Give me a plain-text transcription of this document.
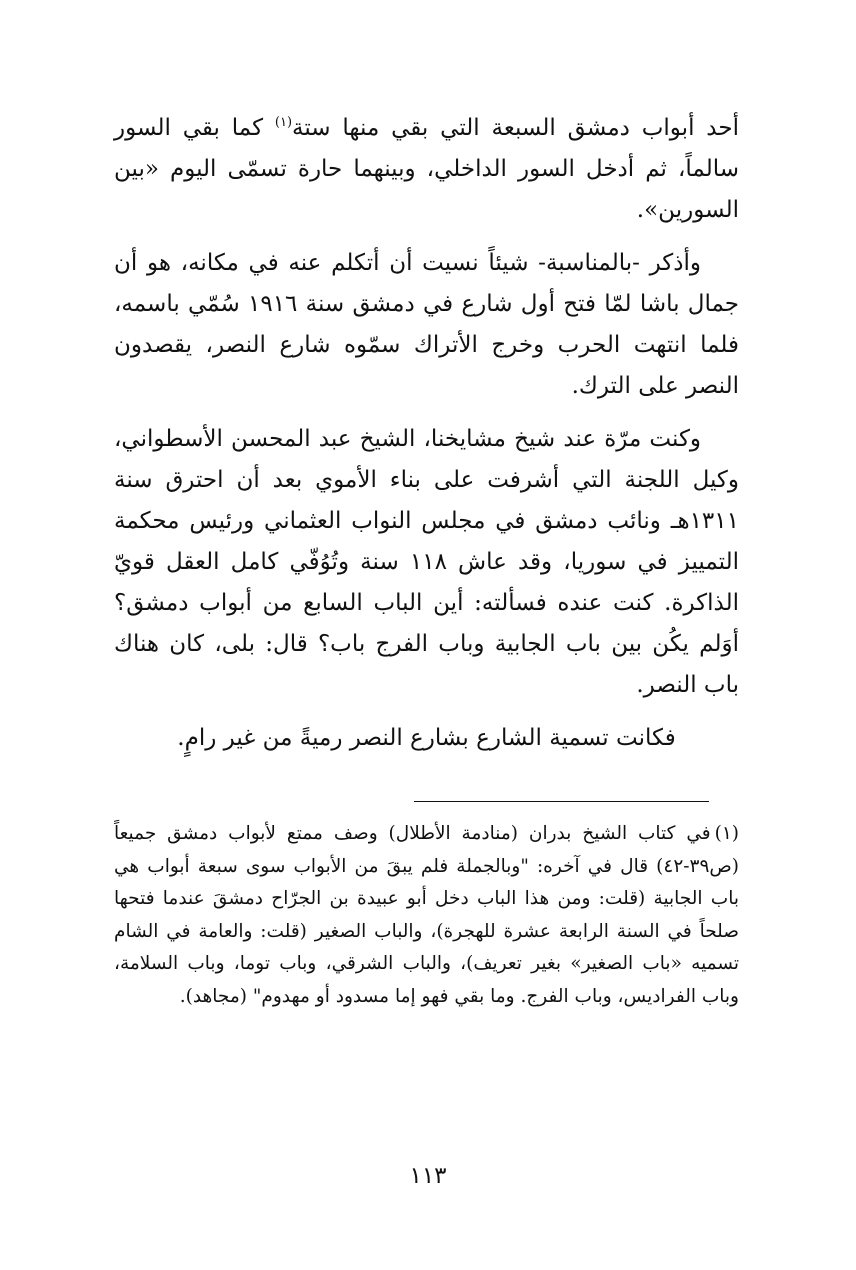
أحد أبواب دمشق السبعة التي بقي منها ستة$^{(١)}$ كما بقي السور سالماً، ثم أدخل السور الداخلي، وبينهما حارة تسمّى اليوم «بين السورين».

وأذكر -بالمناسبة- شيئاً نسيت أن أتكلم عنه في مكانه، هو أن جمال باشا لمّا فتح أول شارع في دمشق سنة ١٩١٦ سُمّي باسمه، فلما انتهت الحرب وخرج الأتراك سمّوه شارع النصر، يقصدون النصر على الترك.

وكنت مرّة عند شيخ مشايخنا، الشيخ عبد المحسن الأسطواني، وكيل اللجنة التي أشرفت على بناء الأموي بعد أن احترق سنة ١٣١١هـ ونائب دمشق في مجلس النواب العثماني ورئيس محكمة التمييز في سوريا، وقد عاش ١١٨ سنة وتُوُفّي كامل العقل قويّ الذاكرة. كنت عنده فسألته: أين الباب السابع من أبواب دمشق؟ أوَلم يكُن بين باب الجابية وباب الفرج باب؟ قال: بلى، كان هناك باب النصر.

فكانت تسمية الشارع بشارع النصر رميةً من غير رامٍ.

(١)في كتاب الشيخ بدران (منادمة الأطلال) وصف ممتع لأبواب دمشق جميعاً (ص٣٩-٤٢) قال في آخره: "وبالجملة فلم يبقَ من الأبواب سوى سبعة أبواب هي باب الجابية (قلت: ومن هذا الباب دخل أبو عبيدة بن الجرّاح دمشقَ عندما فتحها صلحاً في السنة الرابعة عشرة للهجرة)، والباب الصغير (قلت: والعامة في الشام تسميه «باب الصغير» بغير تعريف)، والباب الشرقي، وباب توما، وباب السلامة، وباب الفراديس، وباب الفرج. وما بقي فهو إما مسدود أو مهدوم" (مجاهد).
١١٣
